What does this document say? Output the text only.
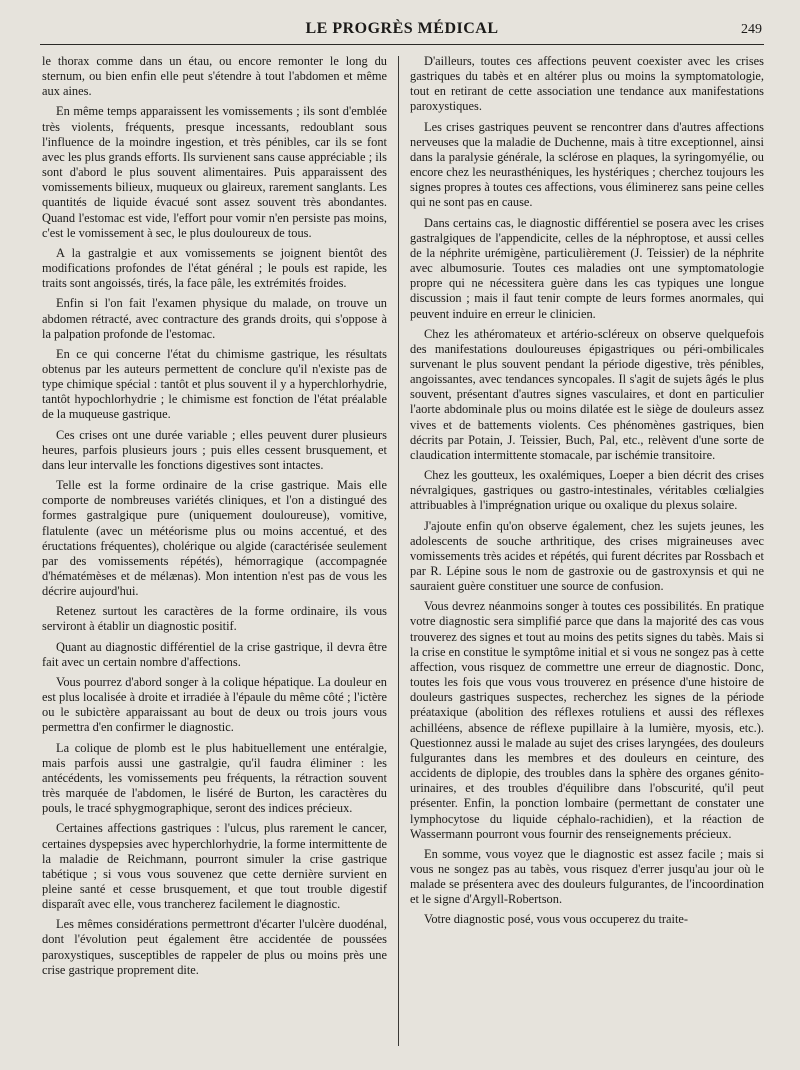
LE PROGRÈS MÉDICAL	249

le thorax comme dans un étau, ou encore remonter le long du sternum, ou bien enfin elle peut s'étendre à tout l'abdomen et même aux aines.

En même temps apparaissent les vomissements ; ils sont d'emblée très violents, fréquents, presque incessants, redoublant sous l'influence de la moindre ingestion, et très pénibles, car ils se font avec les plus grands efforts. Ils survienent sans cause appréciable ; ils sont d'abord le plus souvent alimentaires. Puis apparaissent des vomissements bilieux, muqueux ou glaireux, rarement sanglants. Les quantités de liquide évacué sont assez souvent très abondantes. Quand l'estomac est vide, l'effort pour vomir n'en persiste pas moins, c'est le vomissement à sec, le plus douloureux de tous.

A la gastralgie et aux vomissements se joignent bientôt des modifications profondes de l'état général ; le pouls est rapide, les traits sont angoissés, tirés, la face pâle, les extrémités froides.

Enfin si l'on fait l'examen physique du malade, on trouve un abdomen rétracté, avec contracture des grands droits, qui s'oppose à la palpation profonde de l'estomac.

En ce qui concerne l'état du chimisme gastrique, les résultats obtenus par les auteurs permettent de conclure qu'il n'existe pas de type chimique spécial : tantôt et plus souvent il y a hyperchlorhydrie, tantôt hypochlorhydrie ; le chimisme est fonction de l'état préalable de la muqueuse gastrique.

Ces crises ont une durée variable ; elles peuvent durer plusieurs heures, parfois plusieurs jours ; puis elles cessent brusquement, et dans leur intervalle les fonctions digestives sont intactes.

Telle est la forme ordinaire de la crise gastrique. Mais elle comporte de nombreuses variétés cliniques, et l'on a distingué des formes gastralgique pure (uniquement douloureuse), vomitive, flatulente (avec un météorisme plus ou moins accentué, et des éructations fréquentes), cholérique ou algide (caractérisée seulement par des vomissements répétés), hémorragique (accompagnée d'hématémèses et de mélænas). Mon intention n'est pas de vous les décrire aujourd'hui.

Retenez surtout les caractères de la forme ordinaire, ils vous serviront à établir un diagnostic positif.

Quant au diagnostic différentiel de la crise gastrique, il devra être fait avec un certain nombre d'affections.

Vous pourrez d'abord songer à la colique hépatique. La douleur en est plus localisée à droite et irradiée à l'épaule du même côté ; l'ictère ou le subictère apparaissant au bout de deux ou trois jours vous permettra d'en confirmer le diagnostic.

La colique de plomb est le plus habituellement une entéralgie, mais parfois aussi une gastralgie, qu'il faudra éliminer : les antécédents, les vomissements peu fréquents, la rétraction souvent très marquée de l'abdomen, le liséré de Burton, les caractères du pouls, le tracé sphygmographique, seront des indices précieux.

Certaines affections gastriques : l'ulcus, plus rarement le cancer, certaines dyspepsies avec hyperchlorhydrie, la forme intermittente de la maladie de Reichmann, pourront simuler la crise gastrique tabétique ; si vous vous souvenez que cette dernière survient en pleine santé et cesse brusquement, et que tout trouble digestif disparaît avec elle, vous trancherez facilement le diagnostic.

Les mêmes considérations permettront d'écarter l'ulcère duodénal, dont l'évolution peut également être accidentée de poussées paroxystiques, susceptibles de rappeler de plus ou moins près une crise gastrique proprement dite.

D'ailleurs, toutes ces affections peuvent coexister avec les crises gastriques du tabès et en altérer plus ou moins la symptomatologie, tout en retirant de cette association une tendance aux manifestations paroxystiques.

Les crises gastriques peuvent se rencontrer dans d'autres affections nerveuses que la maladie de Duchenne, mais à titre exceptionnel, ainsi dans la paralysie générale, la sclérose en plaques, la syringomyélie, ou encore chez les neurasthéniques, les hystériques ; cherchez toujours les signes propres à toutes ces affections, vous éliminerez sans peine celles qui ne sont pas en cause.

Dans certains cas, le diagnostic différentiel se posera avec les crises gastralgiques de l'appendicite, celles de la néphroptose, et aussi celles de la néphrite urémigène, particulièrement (J. Teissier) de la néphrite avec albumosurie. Toutes ces maladies ont une symptomatologie propre qui ne nécessitera guère dans les cas typiques une longue discussion ; mais il faut tenir compte de leurs formes anormales, qui peuvent induire en erreur le clinicien.

Chez les athéromateux et artério-scléreux on observe quelquefois des manifestations douloureuses épigastriques ou péri-ombilicales survenant le plus souvent pendant la période digestive, très pénibles, angoissantes, avec tendances syncopales. Il s'agit de sujets âgés le plus souvent, présentant d'autres signes vasculaires, et dont en particulier l'aorte abdominale plus ou moins dilatée est le siège de douleurs assez vives et de battements violents. Ces phénomènes gastriques, bien décrits par Potain, J. Teissier, Buch, Pal, etc., relèvent d'une sorte de claudication intermittente stomacale, par ischémie transitoire.

Chez les goutteux, les oxalémiques, Loeper a bien décrit des crises névralgiques, gastriques ou gastro-intestinales, véritables cœlialgies attribuables à l'imprégnation urique ou oxalique du plexus solaire.

J'ajoute enfin qu'on observe également, chez les sujets jeunes, les adolescents de souche arthritique, des crises migraineuses avec vomissements très acides et répétés, qui furent décrites par Rossbach et par R. Lépine sous le nom de gastroxie ou de gastroxynsis et qui ne sauraient guère constituer une source de confusion.

Vous devrez néanmoins songer à toutes ces possibilités. En pratique votre diagnostic sera simplifié parce que dans la majorité des cas vous trouverez des signes et tout au moins des petits signes du tabès. Mais si la crise en constitue le symptôme initial et si vous ne songez pas à cette affection, vous risquez de commettre une erreur de diagnostic. Donc, toutes les fois que vous vous trouverez en présence d'une histoire de douleurs gastriques suspectes, recherchez les signes de la période préataxique (abolition des réflexes rotuliens et aussi des réflexes achilléens, absence de réflexe pupillaire à la lumière, myosis, etc.). Questionnez aussi le malade au sujet des crises laryngées, des douleurs fulgurantes dans les membres et des douleurs en ceinture, des accidents de diplopie, des troubles dans la sphère des organes génito-urinaires, et des troubles d'équilibre dans l'obscurité, qu'il peut présenter. Enfin, la ponction lombaire (permettant de constater une lymphocytose du liquide céphalo-rachidien), et la réaction de Wassermann pourront vous fournir des renseignements précieux.

En somme, vous voyez que le diagnostic est assez facile ; mais si vous ne songez pas au tabès, vous risquez d'errer jusqu'au jour où le malade se présentera avec des douleurs fulgurantes, de l'incoordination et le signe d'Argyll-Robertson.

Votre diagnostic posé, vous vous occuperez du traite-
